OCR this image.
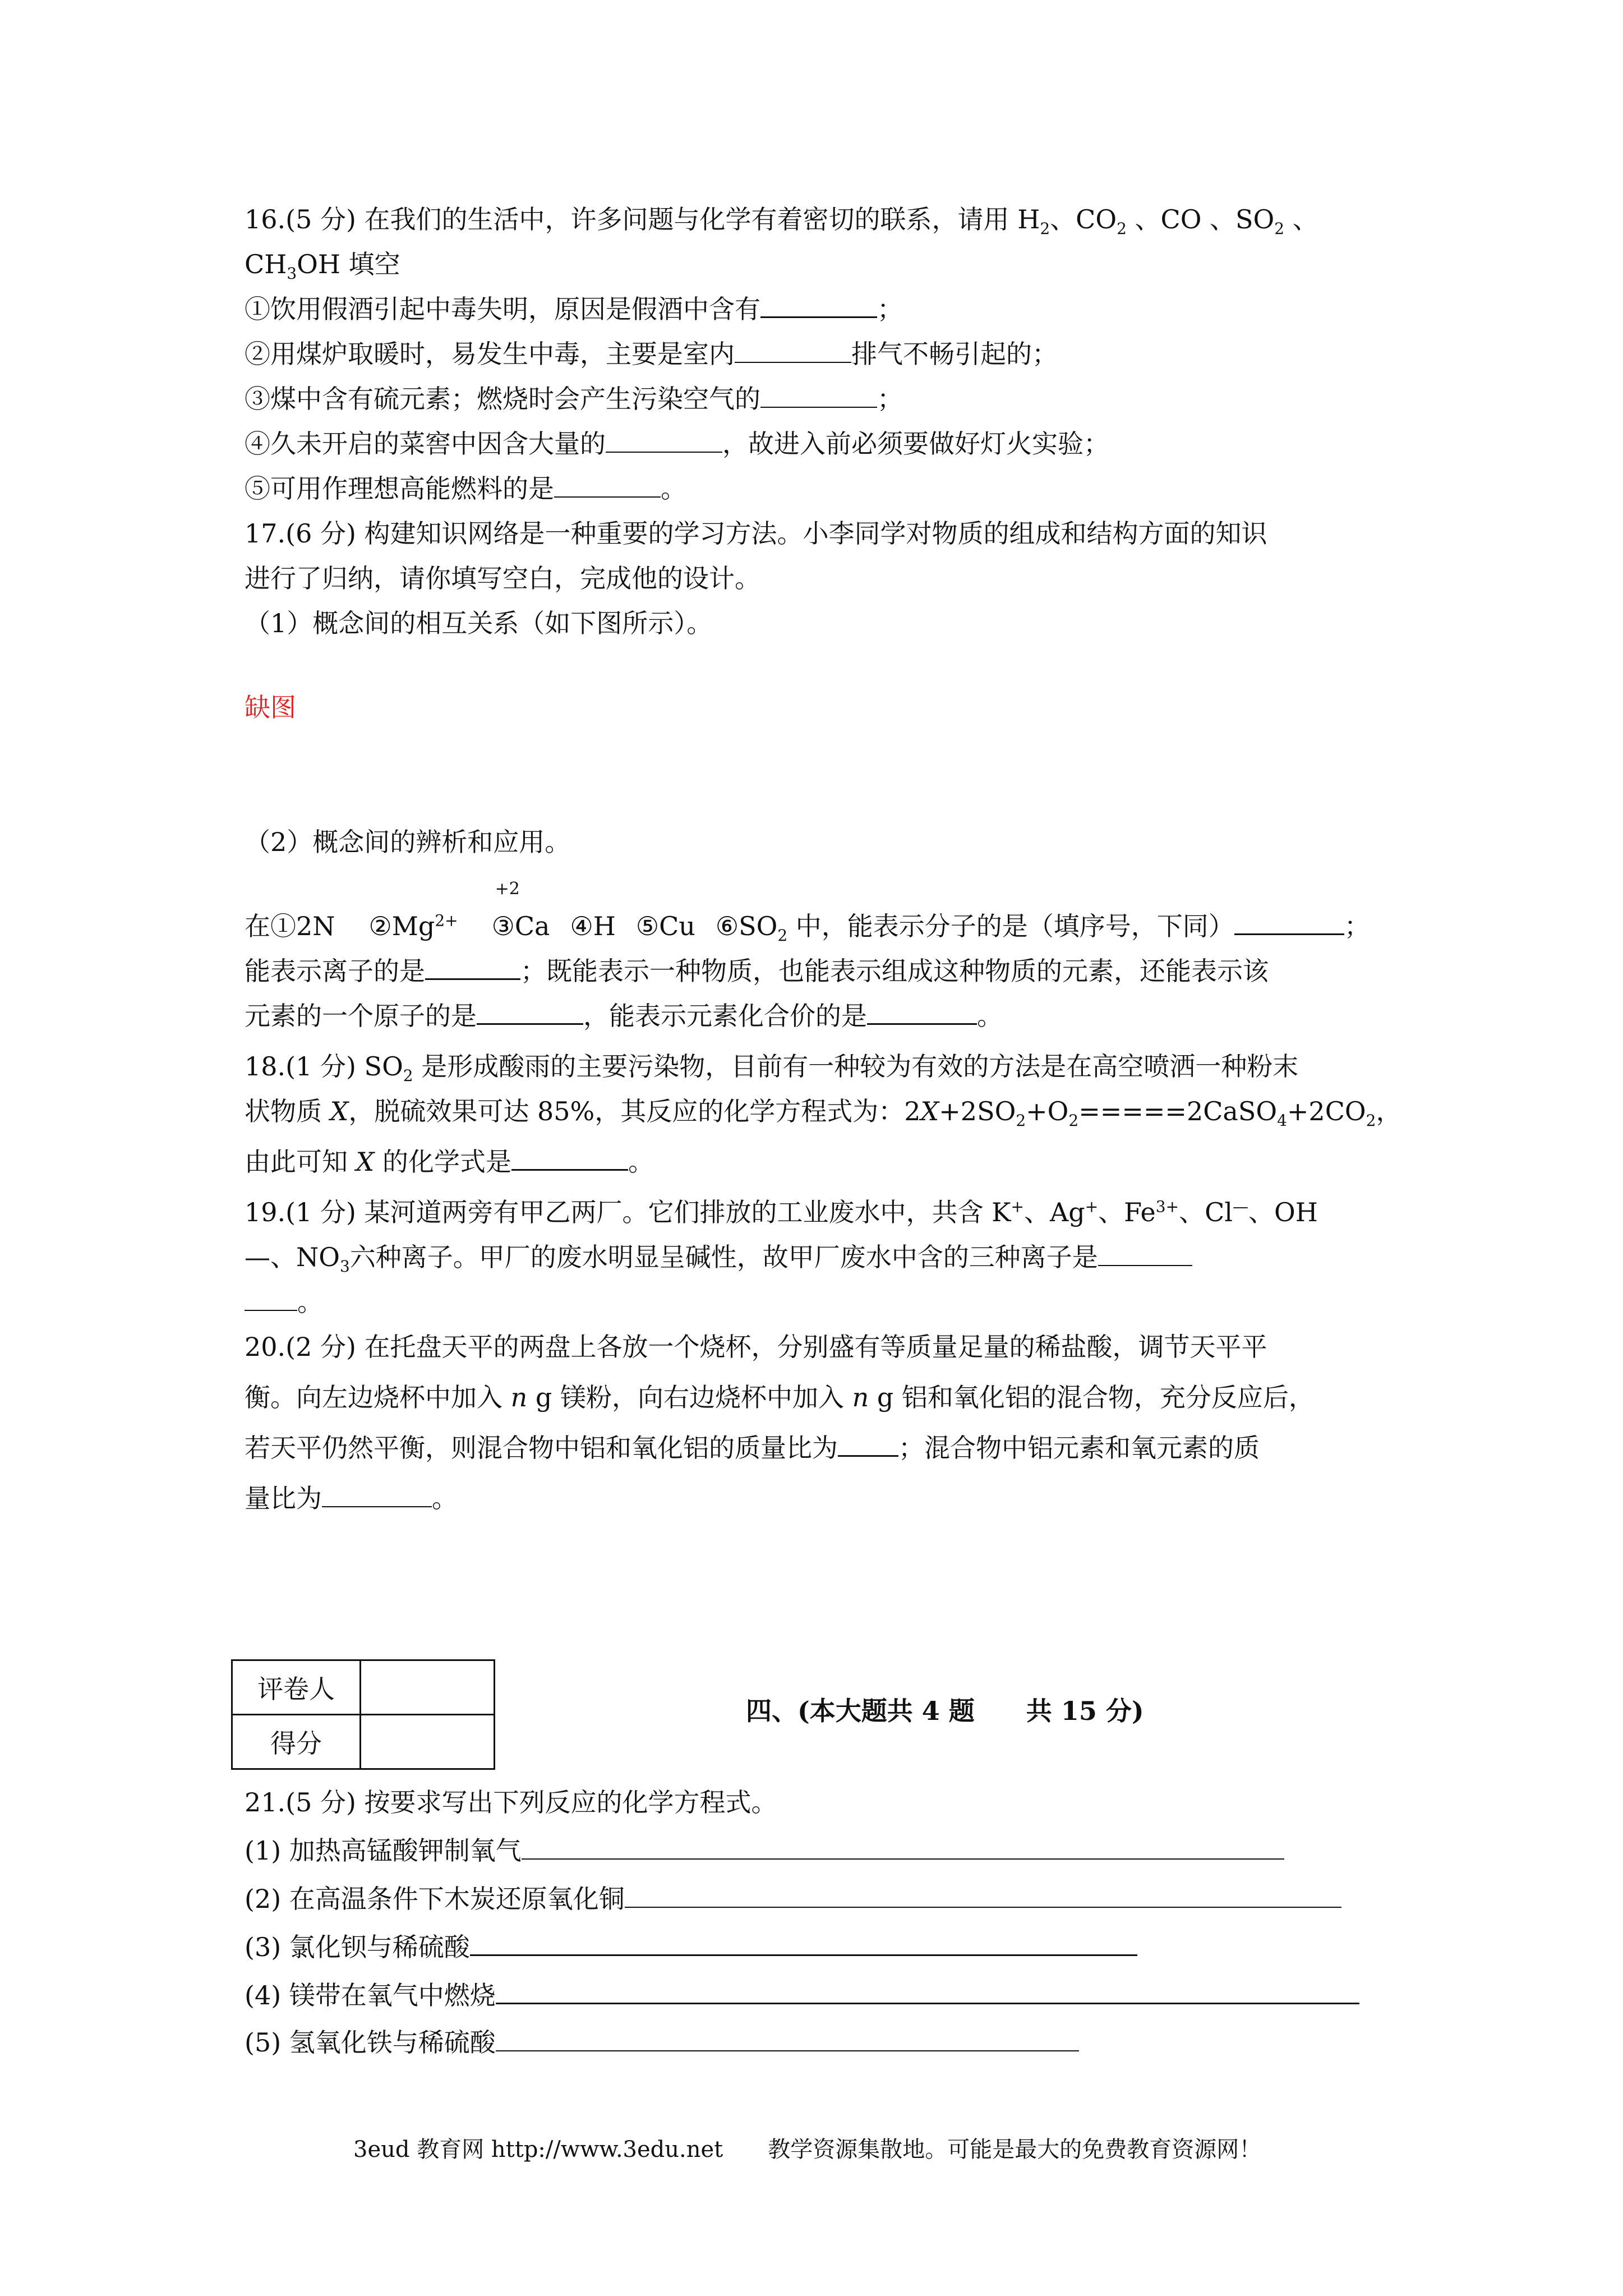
16.(5 分) 在我们的生活中，许多问题与化学有着密切的联系，请用 $H_2$、$CO_2$ 、CO 、$SO_2$ 、
$CH_3OH$ 填空
①饮用假酒引起中毒失明，原因是假酒中含有	；
②用煤炉取暖时，易发生中毒，主要是室内	排气不畅引起的；
③煤中含有硫元素；燃烧时会产生污染空气的	；
④久未开启的菜窖中因含大量的	，故进入前必须要做好灯火实验；
⑤可用作理想高能燃料的是	。
17.(6 分) 构建知识网络是一种重要的学习方法。小李同学对物质的组成和结构方面的知识
进行了归纳，请你填写空白，完成他的设计。
（1）概念间的相互关系（如下图所示）。
缺图
（2）概念间的辨析和应用。
在①2N $②Mg^{2+}$
+2
③Ca ④H ⑤Cu $⑥SO_2$ 中，能表示分子的是（填序号，下同）	；
能表示离子的是	；既能表示一种物质，也能表示组成这种物质的元素，还能表示该
元素的一个原子的是	，能表示元素化合价的是	。
18.(1 分) $SO_2$ 是形成酸雨的主要污染物，目前有一种较为有效的方法是在高空喷洒一种粉末
状物质 X，脱硫效果可达 85%，其反应的化学方程式为：$2X+2SO_2+O_2=====2CaSO_4+2CO_2$，
由此可知 X 的化学式是	。
19.(1 分) 某河道两旁有甲乙两厂。它们排放的工业废水中，共含 K+、Ag+、$Fe^{3+}$、Cl—、OH
—、$NO_3$六种离子。甲厂的废水明显呈碱性，故甲厂废水中含的三种离子是
。
20.(2 分) 在托盘天平的两盘上各放一个烧杯，分别盛有等质量足量的稀盐酸，调节天平平
衡。向左边烧杯中加入 n g 镁粉，向右边烧杯中加入 n g 铝和氧化铝的混合物，充分反应后，
若天平仍然平衡，则混合物中铝和氧化铝的质量比为 ；混合物中铝元素和氧元素的质
量比为	。
评卷人	
得分	
四、(本大题共 4 题　　共 15 分)
21.(5 分) 按要求写出下列反应的化学方程式。
(1) 加热高锰酸钾制氧气
(2) 在高温条件下木炭还原氧化铜
(3) 氯化钡与稀硫酸
(4) 镁带在氧气中燃烧
(5) 氢氧化铁与稀硫酸
3eud 教育网 http://www.3edu.net　　教学资源集散地。可能是最大的免费教育资源网！
